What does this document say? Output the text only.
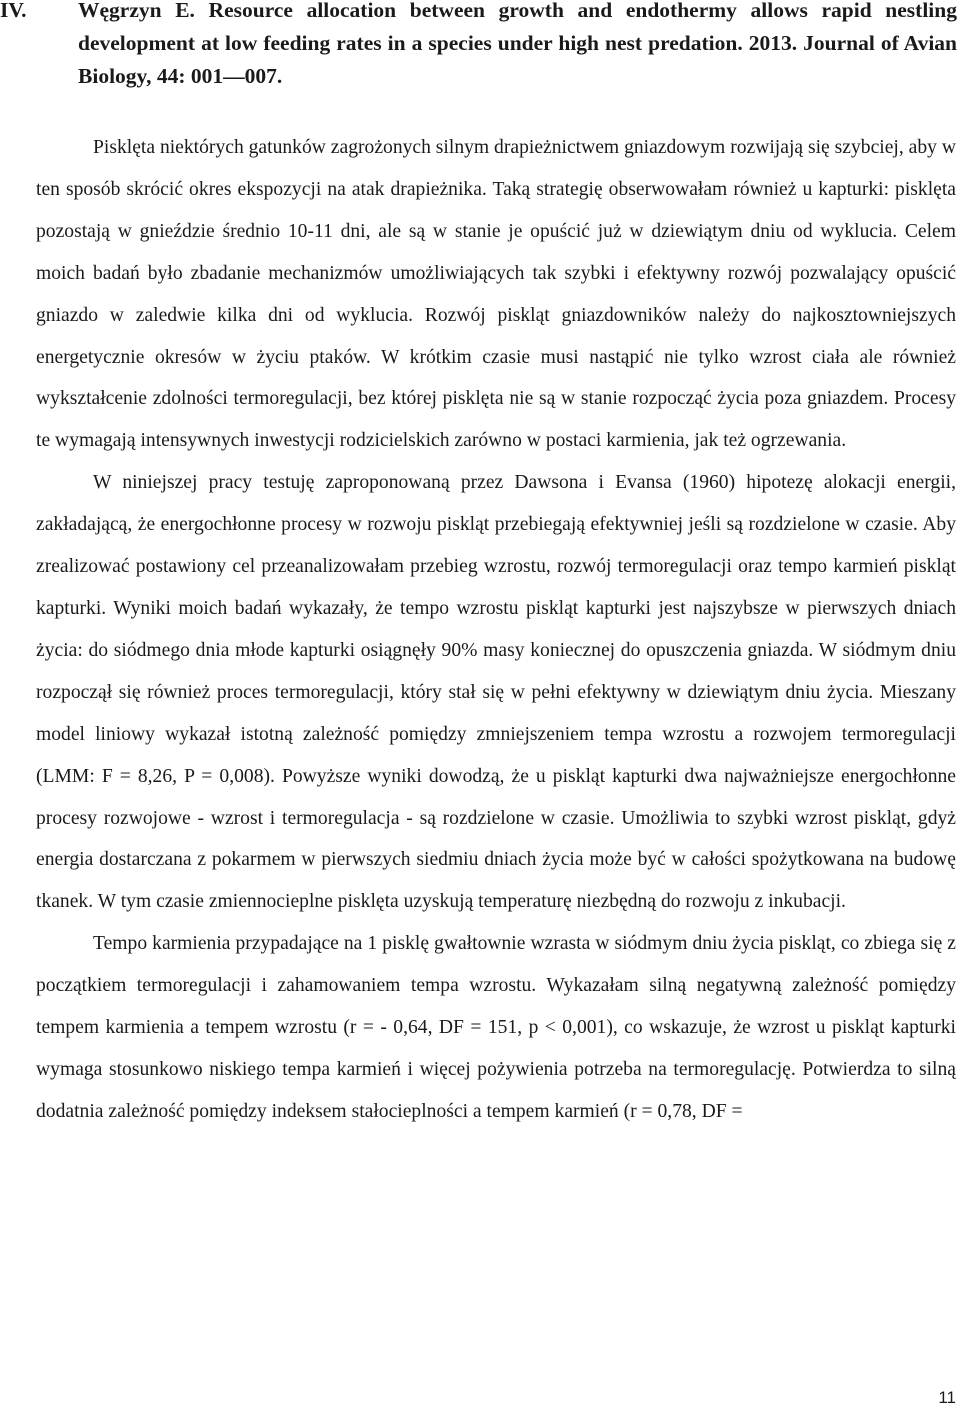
IV.	Węgrzyn E. Resource allocation between growth and endothermy allows rapid nestling development at low feeding rates in a species under high nest predation. 2013. Journal of Avian Biology, 44: 001—007.

Pisklęta niektórych gatunków zagrożonych silnym drapieżnictwem gniazdowym rozwijają się szybciej, aby w ten sposób skrócić okres ekspozycji na atak drapieżnika. Taką strategię obserwowałam również u kapturki: pisklęta pozostają w gnieździe średnio 10-11 dni, ale są w stanie je opuścić już w dziewiątym dniu od wyklucia. Celem moich badań było zbadanie mechanizmów umożliwiających tak szybki i efektywny rozwój pozwalający opuścić gniazdo w zaledwie kilka dni od wyklucia. Rozwój piskląt gniazdowników należy do najkosztowniejszych energetycznie okresów w życiu ptaków. W krótkim czasie musi nastąpić nie tylko wzrost ciała ale również wykształcenie zdolności termoregulacji, bez której pisklęta nie są w stanie rozpocząć życia poza gniazdem. Procesy te wymagają intensywnych inwestycji rodzicielskich zarówno w postaci karmienia, jak też ogrzewania.

W niniejszej pracy testuję zaproponowaną przez Dawsona i Evansa (1960) hipotezę alokacji energii, zakładającą, że energochłonne procesy w rozwoju piskląt przebiegają efektywniej jeśli są rozdzielone w czasie. Aby zrealizować postawiony cel przeanalizowałam przebieg wzrostu, rozwój termoregulacji oraz tempo karmień piskląt kapturki. Wyniki moich badań wykazały, że tempo wzrostu piskląt kapturki jest najszybsze w pierwszych dniach życia: do siódmego dnia młode kapturki osiągnęły 90% masy koniecznej do opuszczenia gniazda. W siódmym dniu rozpoczął się również proces termoregulacji, który stał się w pełni efektywny w dziewiątym dniu życia. Mieszany model liniowy wykazał istotną zależność pomiędzy zmniejszeniem tempa wzrostu a rozwojem termoregulacji (LMM: F = 8,26, P = 0,008). Powyższe wyniki dowodzą, że u piskląt kapturki dwa najważniejsze energochłonne procesy rozwojowe - wzrost i termoregulacja - są rozdzielone w czasie. Umożliwia to szybki wzrost piskląt, gdyż energia dostarczana z pokarmem w pierwszych siedmiu dniach życia może być w całości spożytkowana na budowę tkanek. W tym czasie zmiennocieplne pisklęta uzyskują temperaturę niezbędną do rozwoju z inkubacji.

Tempo karmienia przypadające na 1 pisklę gwałtownie wzrasta w siódmym dniu życia piskląt, co zbiega się z początkiem termoregulacji i zahamowaniem tempa wzrostu. Wykazałam silną negatywną zależność pomiędzy tempem karmienia a tempem wzrostu (r = - 0,64, DF = 151, p < 0,001), co wskazuje, że wzrost u piskląt kapturki wymaga stosunkowo niskiego tempa karmień i więcej pożywienia potrzeba na termoregulację. Potwierdza to silną dodatnia zależność pomiędzy indeksem stałocieplności a tempem karmień (r = 0,78, DF =

11
